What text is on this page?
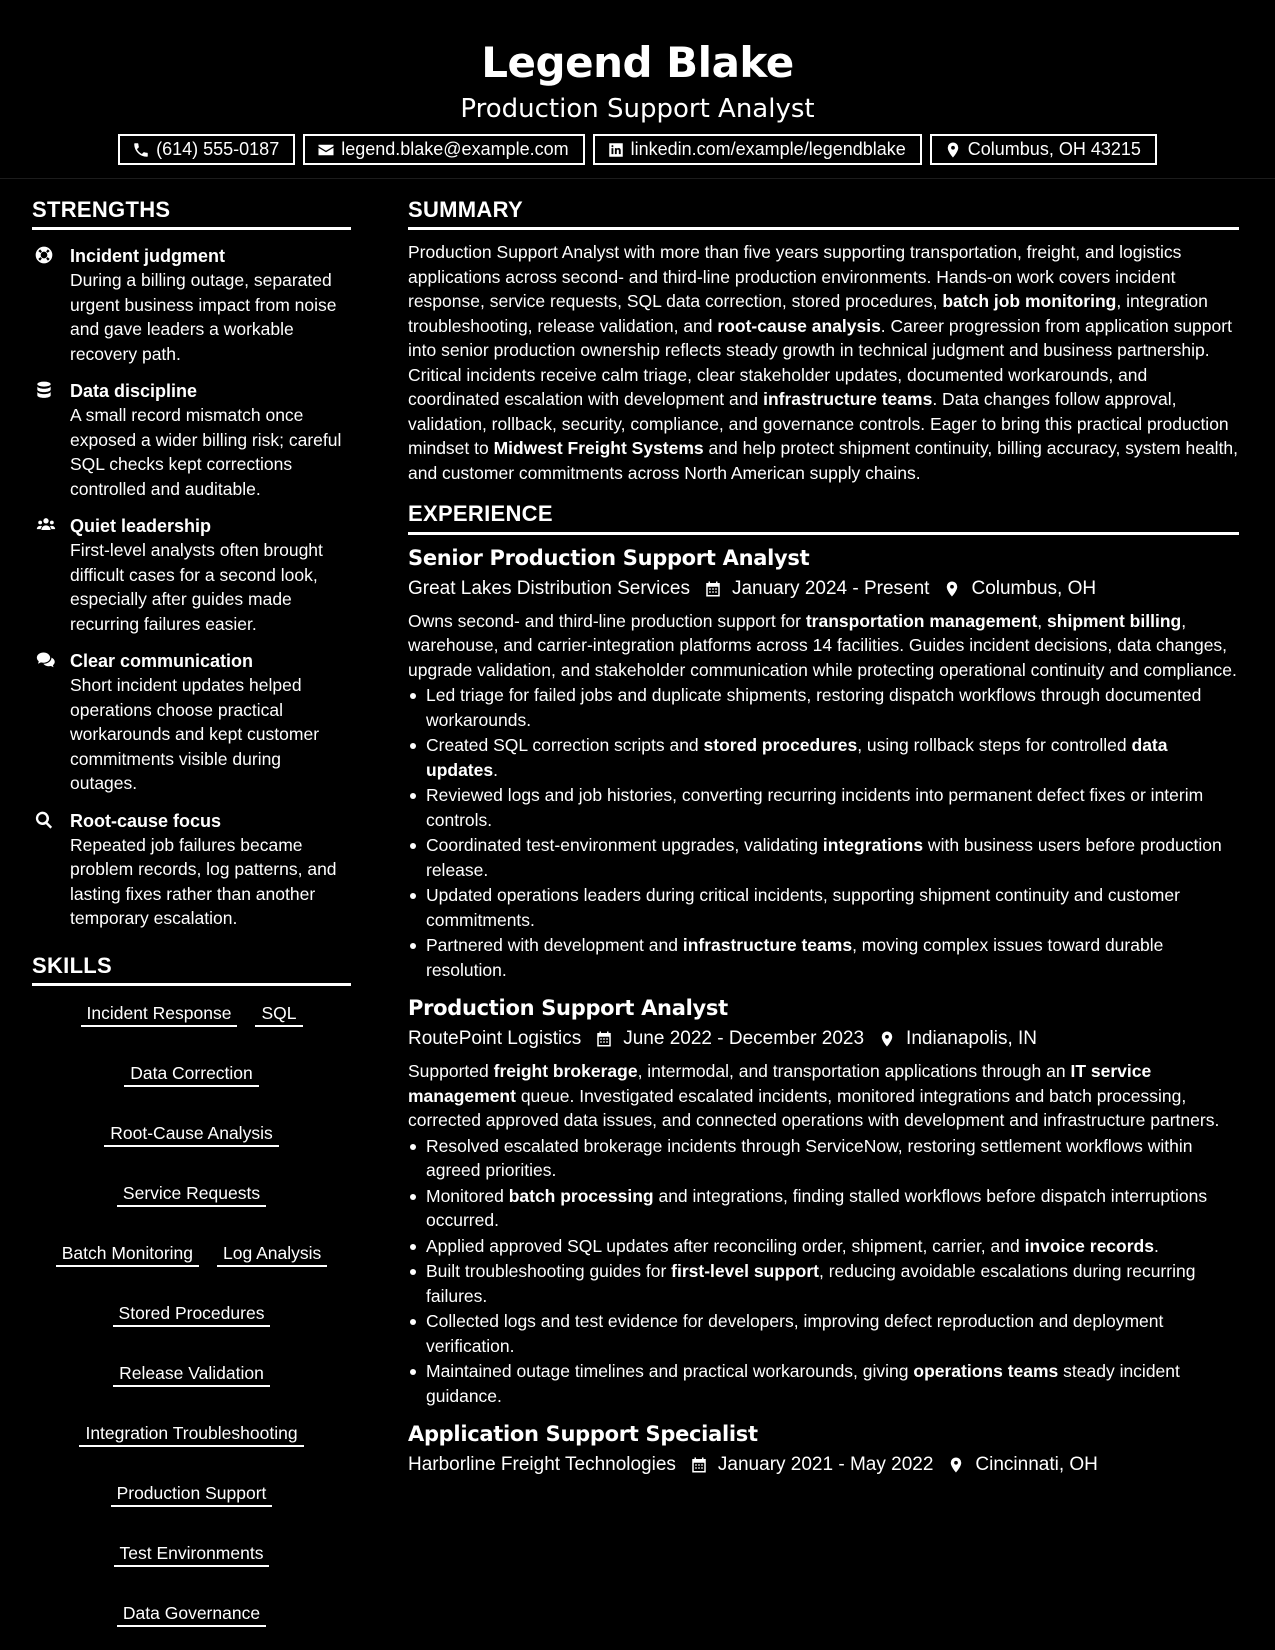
Legend Blake
Production Support Analyst
(614) 555-0187	legend.blake@example.com	linkedin.com/example/legendblake	Columbus, OH 43215
STRENGTHS
Incident judgment
During a billing outage, separated urgent business impact from noise and gave leaders a workable recovery path.
Data discipline
A small record mismatch once exposed a wider billing risk; careful SQL checks kept corrections controlled and auditable.
Quiet leadership
First-level analysts often brought difficult cases for a second look, especially after guides made recurring failures easier.
Clear communication
Short incident updates helped operations choose practical workarounds and kept customer commitments visible during outages.
Root-cause focus
Repeated job failures became problem records, log patterns, and lasting fixes rather than another temporary escalation.
SKILLS
Incident Response	SQL
Data Correction
Root-Cause Analysis
Service Requests
Batch Monitoring	Log Analysis
Stored Procedures
Release Validation
Integration Troubleshooting
Production Support
Test Environments
Data Governance
SUMMARY

Production Support Analyst with more than five years supporting transportation, freight, and logistics applications across second- and third-line production environments. Hands-on work covers incident response, service requests, SQL data correction, stored procedures, batch job monitoring, integration troubleshooting, release validation, and root-cause analysis. Career progression from application support into senior production ownership reflects steady growth in technical judgment and business partnership. Critical incidents receive calm triage, clear stakeholder updates, documented workarounds, and coordinated escalation with development and infrastructure teams. Data changes follow approval, validation, rollback, security, compliance, and governance controls. Eager to bring this practical production mindset to Midwest Freight Systems and help protect shipment continuity, billing accuracy, system health, and customer commitments across North American supply chains.

EXPERIENCE
Senior Production Support Analyst
Great Lakes Distribution Services January 2024 - Present Columbus, OH

Owns second- and third-line production support for transportation management, shipment billing, warehouse, and carrier-integration platforms across 14 facilities. Guides incident decisions, data changes, upgrade validation, and stakeholder communication while protecting operational continuity and compliance.

Led triage for failed jobs and duplicate shipments, restoring dispatch workflows through documented workarounds.
Created SQL correction scripts and stored procedures, using rollback steps for controlled data updates.
Reviewed logs and job histories, converting recurring incidents into permanent defect fixes or interim controls.
Coordinated test-environment upgrades, validating integrations with business users before production release.
Updated operations leaders during critical incidents, supporting shipment continuity and customer commitments.
Partnered with development and infrastructure teams, moving complex issues toward durable resolution.
Production Support Analyst
RoutePoint Logistics June 2022 - December 2023 Indianapolis, IN

Supported freight brokerage, intermodal, and transportation applications through an IT service management queue. Investigated escalated incidents, monitored integrations and batch processing, corrected approved data issues, and connected operations with development and infrastructure partners.

Resolved escalated brokerage incidents through ServiceNow, restoring settlement workflows within agreed priorities.
Monitored batch processing and integrations, finding stalled workflows before dispatch interruptions occurred.
Applied approved SQL updates after reconciling order, shipment, carrier, and invoice records.
Built troubleshooting guides for first-level support, reducing avoidable escalations during recurring failures.
Collected logs and test evidence for developers, improving defect reproduction and deployment verification.
Maintained outage timelines and practical workarounds, giving operations teams steady incident guidance.
Application Support Specialist
Harborline Freight Technologies January 2021 - May 2022 Cincinnati, OH
